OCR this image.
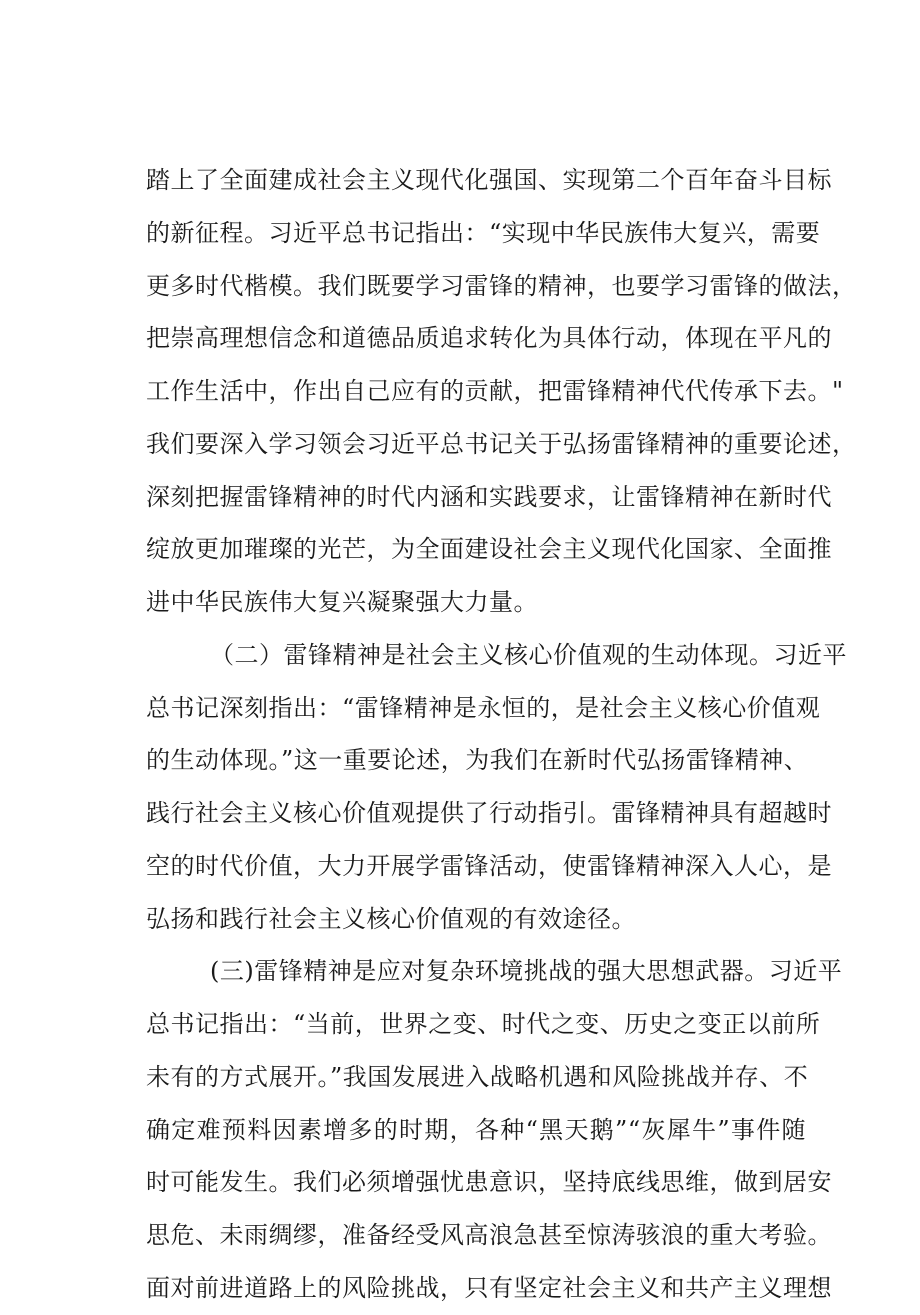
踏上了全面建成社会主义现代化强国、实现第二个百年奋斗目标
的新征程。习近平总书记指出：“实现中华民族伟大复兴，需要
更多时代楷模。我们既要学习雷锋的精神，也要学习雷锋的做法，
把崇高理想信念和道德品质追求转化为具体行动，体现在平凡的
工作生活中，作出自己应有的贡献，把雷锋精神代代传承下去。"
我们要深入学习领会习近平总书记关于弘扬雷锋精神的重要论述，
深刻把握雷锋精神的时代内涵和实践要求，让雷锋精神在新时代
绽放更加璀璨的光芒，为全面建设社会主义现代化国家、全面推
进中华民族伟大复兴凝聚强大力量。
（二）雷锋精神是社会主义核心价值观的生动体现。习近平
总书记深刻指出：“雷锋精神是永恒的，是社会主义核心价值观
的生动体现。”这一重要论述，为我们在新时代弘扬雷锋精神、
践行社会主义核心价值观提供了行动指引。雷锋精神具有超越时
空的时代价值，大力开展学雷锋活动，使雷锋精神深入人心，是
弘扬和践行社会主义核心价值观的有效途径。
(三)雷锋精神是应对复杂环境挑战的强大思想武器。习近平
总书记指出：“当前，世界之变、时代之变、历史之变正以前所
未有的方式展开。”我国发展进入战略机遇和风险挑战并存、不
确定难预料因素增多的时期，各种“黑天鹅”“灰犀牛”事件随
时可能发生。我们必须增强忧患意识，坚持底线思维，做到居安
思危、未雨绸缪，准备经受风高浪急甚至惊涛骇浪的重大考验。
面对前进道路上的风险挑战，只有坚定社会主义和共产主义理想
